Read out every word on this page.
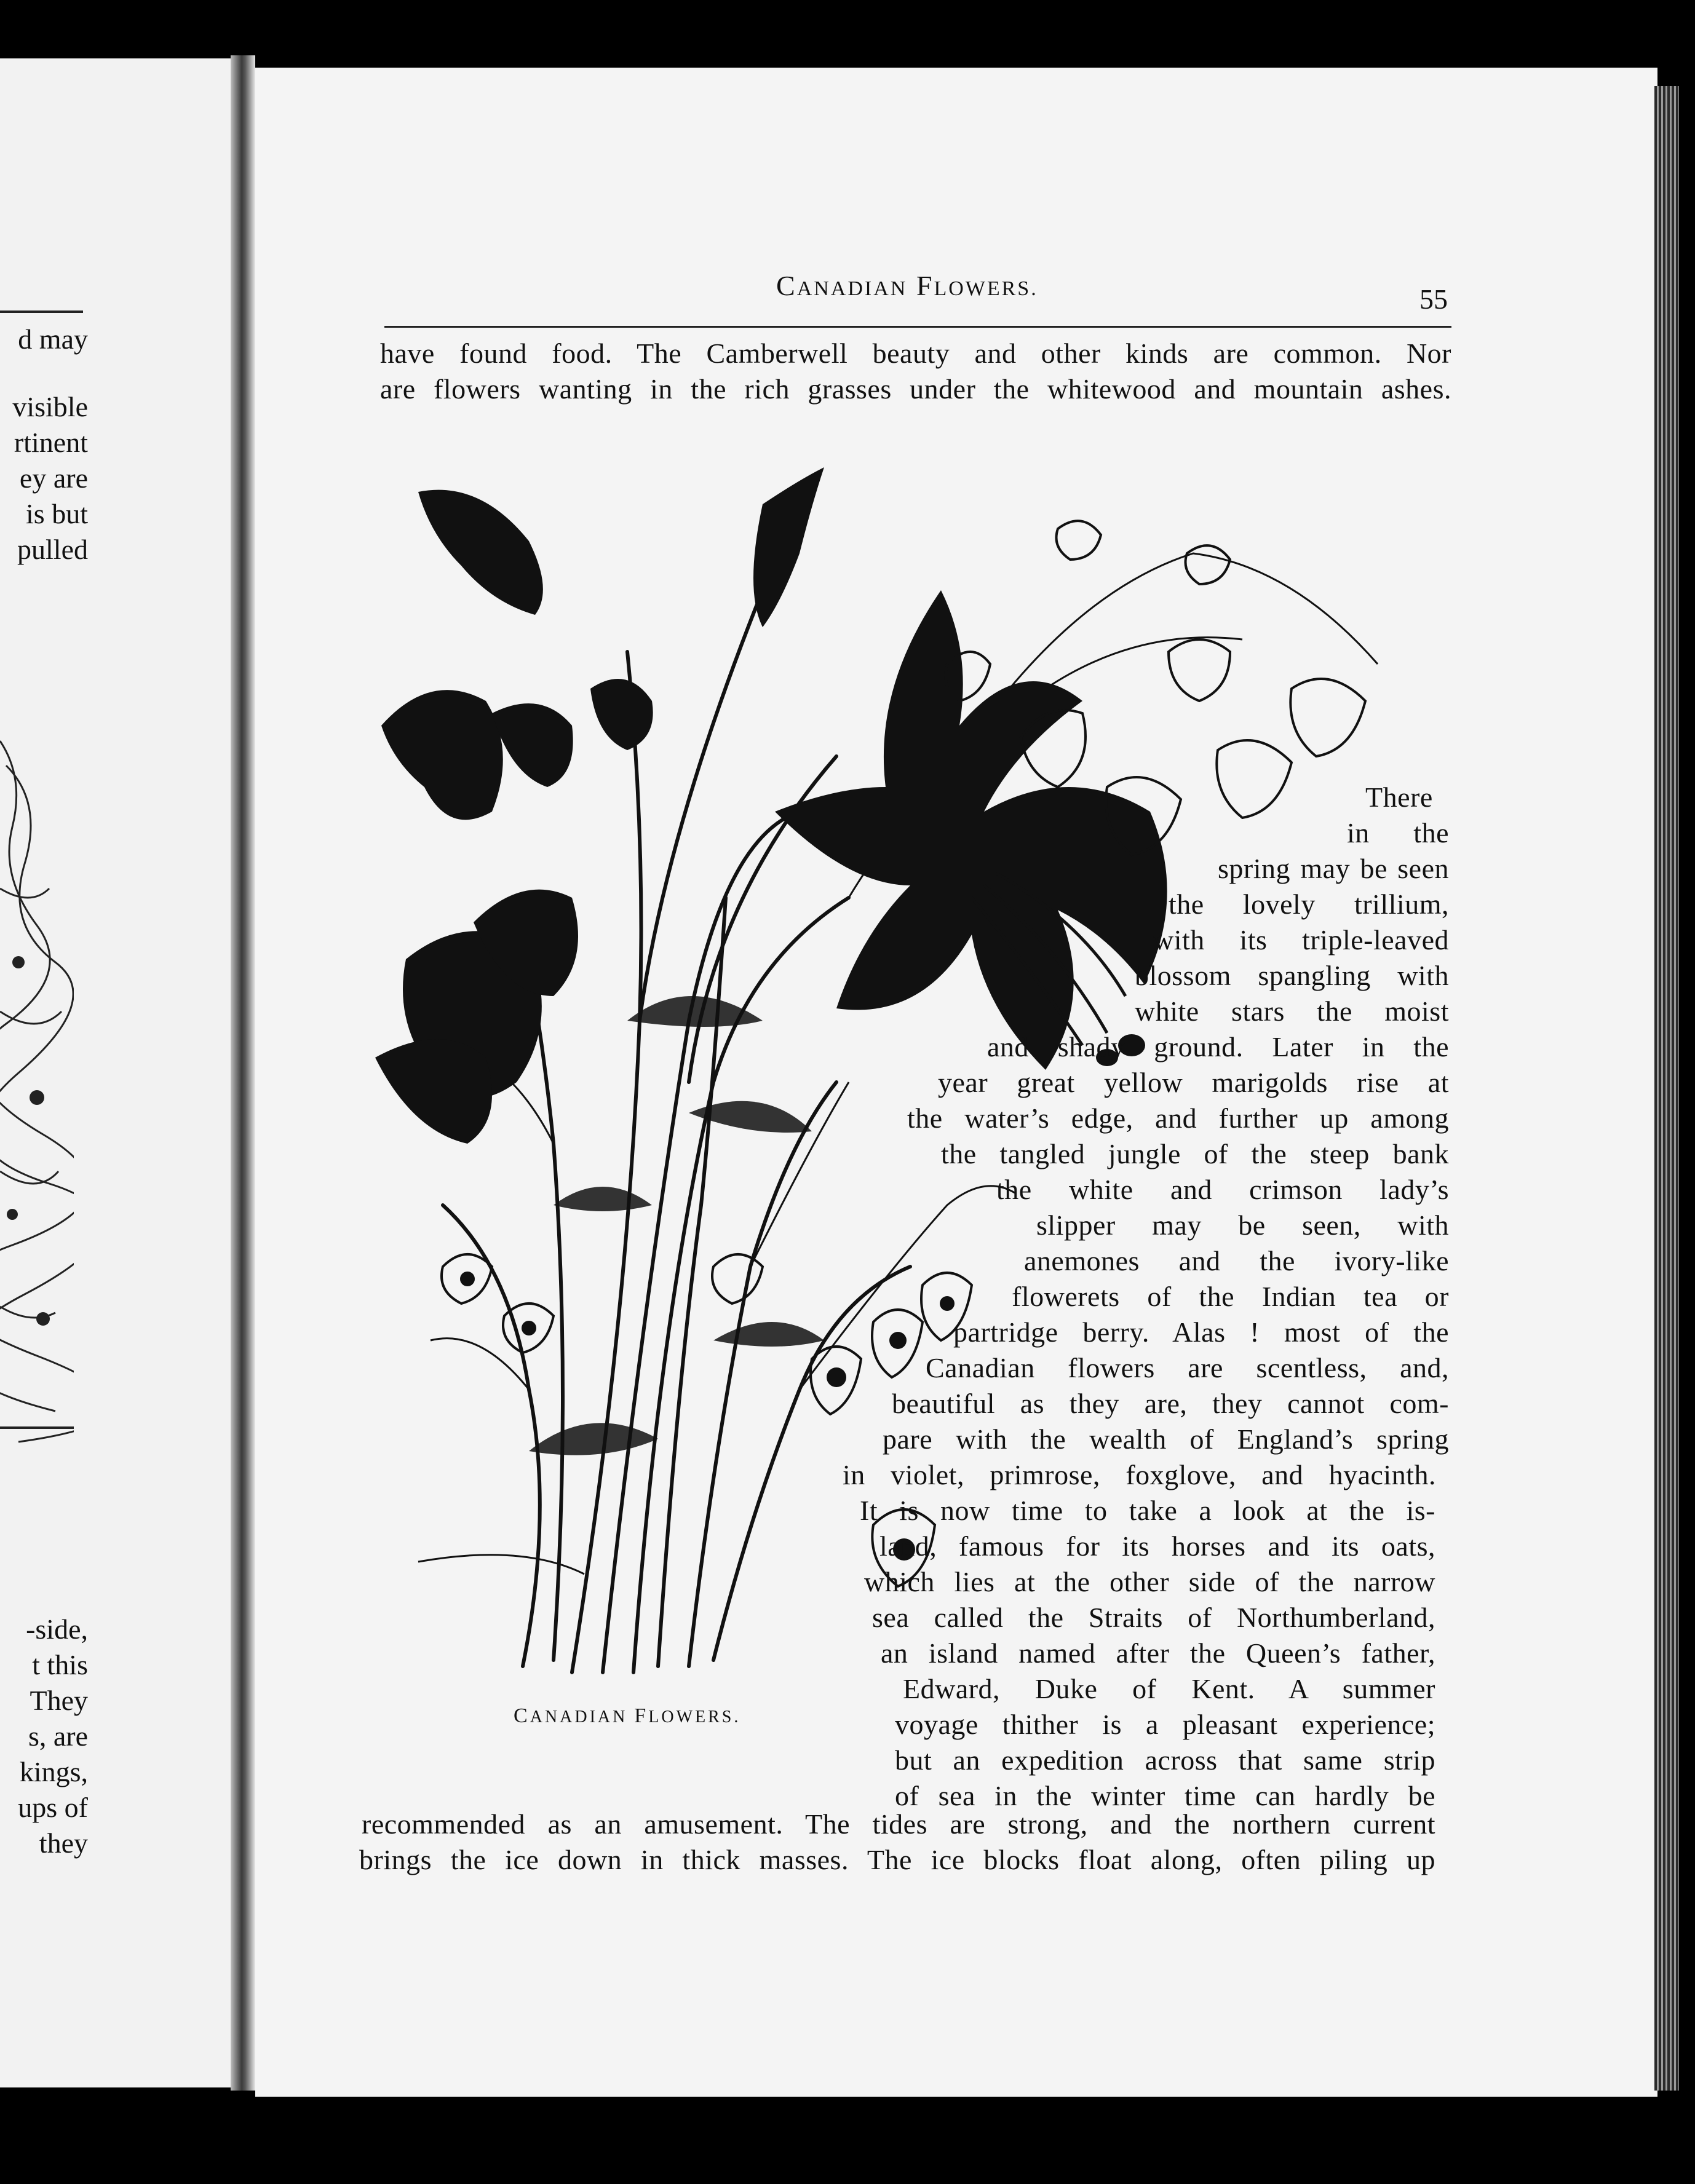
d may
visible
rtinent
ey are
is but
pulled
-side,
t this
They
s, are
kings,
ups of
they
CANADIAN FLOWERS.	55
have found food. The Camberwell beauty and other kinds are common. Nor
are flowers wanting in the rich grasses under the whitewood and mountain ashes.
There
in the
spring may be seen
the lovely trillium,
with its triple-leaved
blossom spangling with
white stars the moist
and shady ground. Later in the
year great yellow marigolds rise at
the water’s edge, and further up among
the tangled jungle of the steep bank
the white and crimson lady’s
slipper may be seen, with
anemones and the ivory-like
flowerets of the Indian tea or
partridge berry. Alas ! most of the
Canadian flowers are scentless, and,
beautiful as they are, they cannot com-
pare with the wealth of England’s spring
in violet, primrose, foxglove, and hyacinth.
It is now time to take a look at the is-
land, famous for its horses and its oats,
which lies at the other side of the narrow
sea called the Straits of Northumberland,
an island named after the Queen’s father,
Edward, Duke of Kent. A summer
voyage thither is a pleasant experience;
but an expedition across that same strip
of sea in the winter time can hardly be
CANADIAN FLOWERS.
recommended as an amusement. The tides are strong, and the northern current
brings the ice down in thick masses. The ice blocks float along, often piling up
